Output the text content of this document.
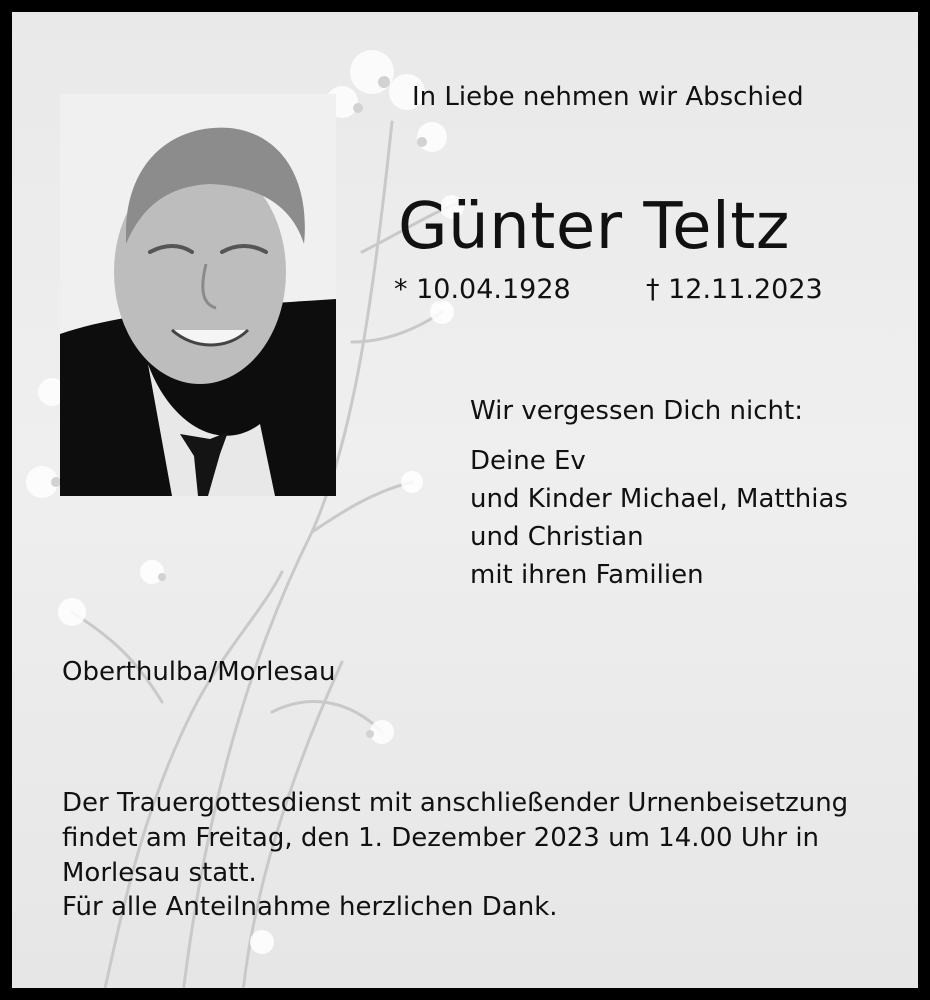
In Liebe nehmen wir Abschied

Günter Teltz

* 10.04.1928	† 12.11.2023

Wir vergessen Dich nicht:

Deine Ev

und Kinder Michael, Matthias

und Christian

mit ihren Familien

Oberthulba/Morlesau

Der Trauergottesdienst mit anschließender Urnenbeisetzung findet am Freitag, den 1. Dezember 2023 um 14.00 Uhr in Morlesau statt.

Für alle Anteilnahme herzlichen Dank.
